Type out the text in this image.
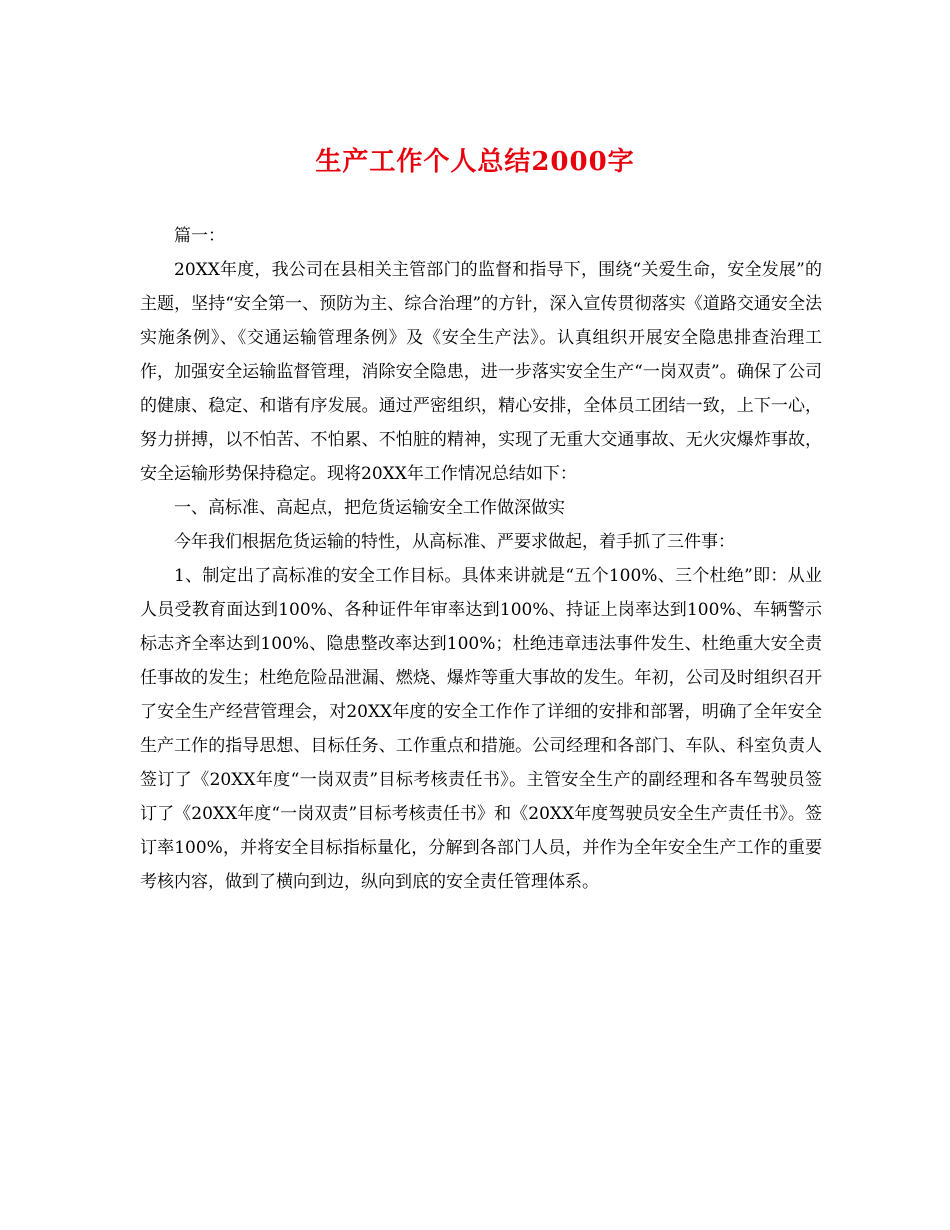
生产工作个人总结2000字

篇一：

20XX年度，我公司在县相关主管部门的监督和指导下，围绕“关爱生命，安全发展”的主题，坚持“安全第一、预防为主、综合治理”的方针，深入宣传贯彻落实《道路交通安全法实施条例》、《交通运输管理条例》及《安全生产法》。认真组织开展安全隐患排查治理工作，加强安全运输监督管理，消除安全隐患，进一步落实安全生产“一岗双责”。确保了公司的健康、稳定、和谐有序发展。通过严密组织，精心安排，全体员工团结一致，上下一心，努力拼搏，以不怕苦、不怕累、不怕脏的精神，实现了无重大交通事故、无火灾爆炸事故，安全运输形势保持稳定。现将20XX年工作情况总结如下：

一、高标准、高起点，把危货运输安全工作做深做实

今年我们根据危货运输的特性，从高标准、严要求做起，着手抓了三件事：

1、制定出了高标准的安全工作目标。具体来讲就是“五个100%、三个杜绝”即：从业人员受教育面达到100%、各种证件年审率达到100%、持证上岗率达到100%、车辆警示标志齐全率达到100%、隐患整改率达到100%；杜绝违章违法事件发生、杜绝重大安全责任事故的发生；杜绝危险品泄漏、燃烧、爆炸等重大事故的发生。年初，公司及时组织召开了安全生产经营管理会，对20XX年度的安全工作作了详细的安排和部署，明确了全年安全生产工作的指导思想、目标任务、工作重点和措施。公司经理和各部门、车队、科室负责人签订了《20XX年度“一岗双责”目标考核责任书》。主管安全生产的副经理和各车驾驶员签订了《20XX年度“一岗双责”目标考核责任书》和《20XX年度驾驶员安全生产责任书》。签订率100%，并将安全目标指标量化，分解到各部门人员，并作为全年安全生产工作的重要考核内容，做到了横向到边，纵向到底的安全责任管理体系。
